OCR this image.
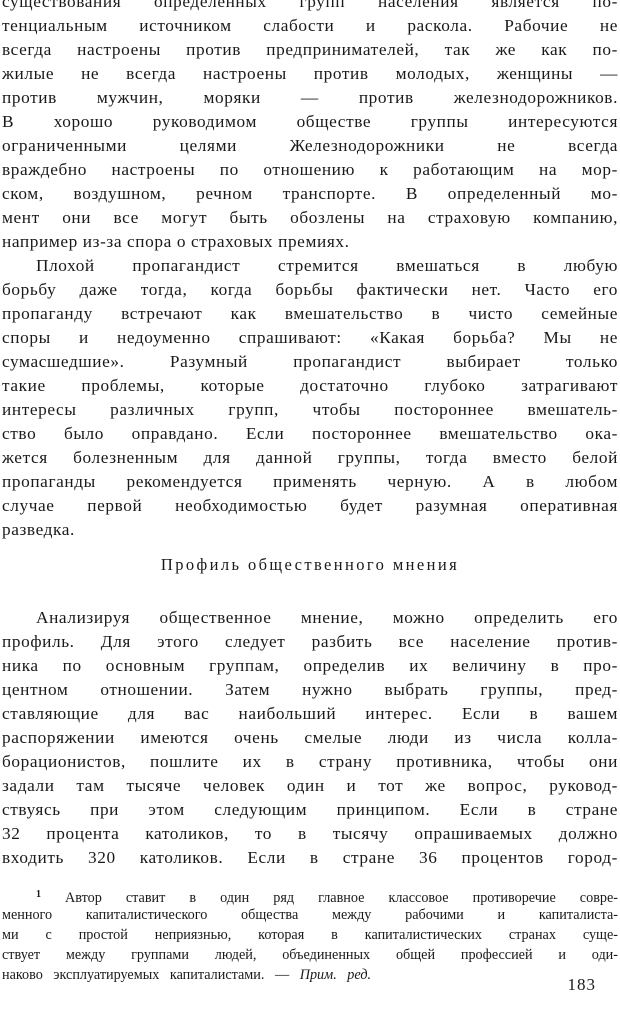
существования определенных групп населения является по-
тенциальным источником слабости и раскола. Рабочие не
всегда настроены против предпринимателей, так же как по-
жилые не всегда настроены против молодых, женщины —
против мужчин, моряки — против железнодорожников.
В хорошо руководимом обществе группы интересуются
ограниченными целями Железнодорожники не всегда
враждебно настроены по отношению к работающим на мор-
ском, воздушном, речном транспорте. В определенный мо-
мент они все могут быть обозлены на страховую компанию,
например из-за спора о страховых премиях.
Плохой пропагандист стремится вмешаться в любую
борьбу даже тогда, когда борьбы фактически нет. Часто его
пропаганду встречают как вмешательство в чисто семейные
споры и недоуменно спрашивают: «Какая борьба? Мы не
сумасшедшие». Разумный пропагандист выбирает только
такие проблемы, которые достаточно глубоко затрагивают
интересы различных групп, чтобы постороннее вмешатель-
ство было оправдано. Если постороннее вмешательство ока-
жется болезненным для данной группы, тогда вместо белой
пропаганды рекомендуется применять черную. А в любом
случае первой необходимостью будет разумная оперативная
разведка.
Профиль общественного мнения
Анализируя общественное мнение, можно определить его
профиль. Для этого следует разбить все население против-
ника по основным группам, определив их величину в про-
центном отношении. Затем нужно выбрать группы, пред-
ставляющие для вас наибольший интерес. Если в вашем
распоряжении имеются очень смелые люди из числа колла-
борационистов, пошлите их в страну противника, чтобы они
задали там тысяче человек один и тот же вопрос, руковод-
ствуясь при этом следующим принципом. Если в стране
32 процента католиков, то в тысячу опрашиваемых должно
входить 320 католиков. Если в стране 36 процентов город-
$^1$ Автор ставит в один ряд главное классовое противоречие совре-
менного капиталистического общества между рабочими и капиталиста-
ми с простой неприязнью, которая в капиталистических странах суще-
ствует между группами людей, объединенных общей профессией и оди-
наково эксплуатируемых капиталистами. — Прим. ред.	183
